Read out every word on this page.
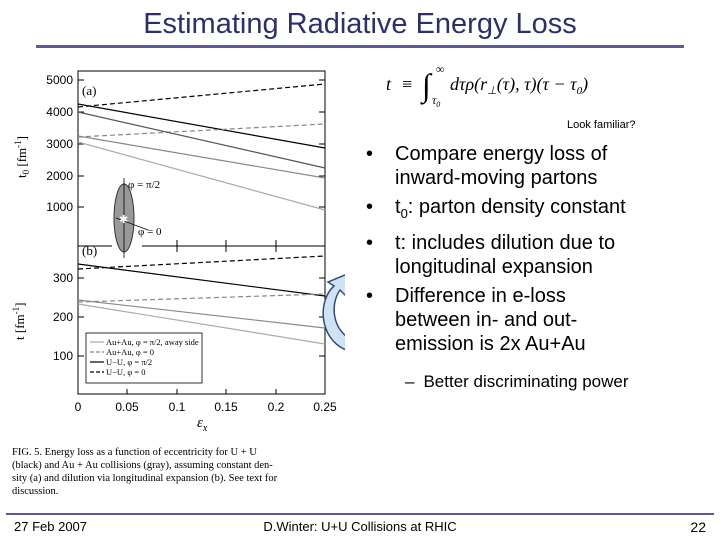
Estimating Radiative Energy Loss
5000
4000
3000
2000
1000
300
200
100
0	0.05 0.1 0.15 0.2 0.25
$\varepsilon_x$
$t_0$ $[fm^{-1}]$
t $[fm^{-1}]$
(a)
(b)
✱
φ = π/2
φ = 0
Au+Au, φ = π/2, away side
Au+Au, φ = 0
U−U, φ = π/2
U−U, φ = 0
t ≡ ∫ ∞
$\tau_0$
$d\tau\rho(r_\perp(\tau)$, $\tau)(\tau - \tau_0)$
Look familiar?
• Compare energy loss of
inward-moving partons
• $t_0$: parton density constant
• t: includes dilution due to
longitudinal expansion
• Difference in e-loss
between in- and out-
emission is 2x Au+Au
– Better discriminating power
FIG. 5. Energy loss as a function of eccentricity for U + U
(black) and Au + Au collisions (gray), assuming constant den-
sity (a) and dilution via longitudinal expansion (b). See text for
discussion.
27 Feb 2007	D.Winter: U+U Collisions at RHIC	22
